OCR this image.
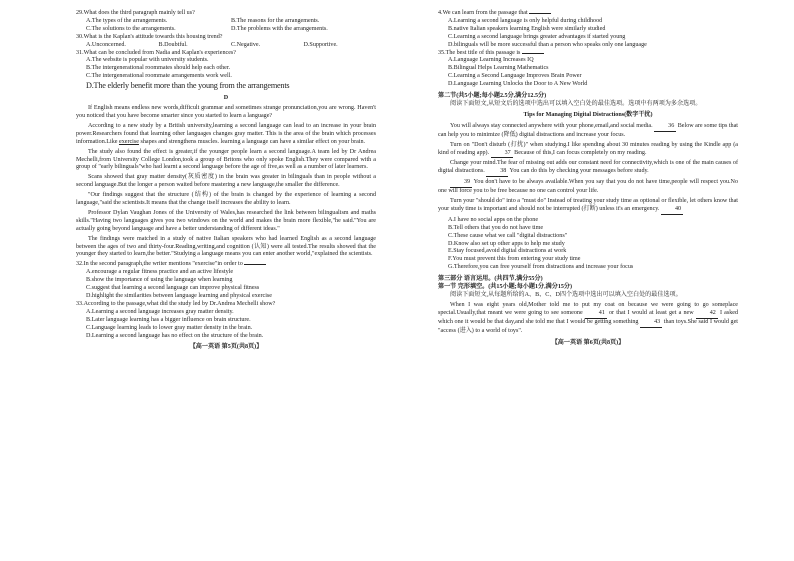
29.What does the third paragraph mainly tell us?

A.The types of the arrangements.	B.The reasons for the arrangements.
C.The solutions to the arrangements.	D.The problems with the arrangements.

30.What is the Kaplan's attitude towards this housing trend?

A.Unconcerned.	B.Doubtful.	C.Negative.	D.Supportive.

31.What can be concluded from Nadia and Kaplan's experiences?

A.The website is popular with university students.

B.The intergenerational roommates should help each other.

C.The intergenerational roommate arrangements work well.

D.The elderly benefit more than the young from the arrangements

D

If English means endless new words,difficult grammar and sometimes strange pronunciation,you are wrong. Haven't you noticed that you have become smarter since you started to learn a language?

According to a new study by a British university,learning a second language can lead to an increase in your brain power.Researchers found that learning other languages changes gray matter. This is the area of the brain which processes information.Like exercise shapes and strengthens muscles. learning a language can have a similar effect on your brain.

The study also found the effect is greater,if the younger people learn a second language.A team led by Dr Andrea Mechelli,from University College London,took a group of Britons who only spoke English.They were compared with a group of "early bilinguals"who had learnt a second language before the age of five,as well as a number of later learners.

Scans showed that gray matter density(灰质密度) in the brain was greater in bilinguals than in people without a second language.But the longer a person waited before mastering a new language,the smaller the difference.

"Our findings suggest that the structure (结构) of the brain is changed by the experience of learning a second language,"said the scientists.It means that the change itself increases the ability to learn.

Professor Dylan Vaughan Jones of the University of Wales,has researched the link between bilingualism and maths skills."Having two languages gives you two windows on the world and makes the brain more flexible,"he said."You are actually going beyond language and have a better understanding of different ideas."

The findings were matched in a study of native Italian speakers who had learned English as a second language between the ages of two and thirty-four.Reading,writing,and cognition (认知) were all tested.The results showed that the younger they started to learn,the better."Studying a language means you can enter another world,"explained the scientists.

32.In the second paragraph,the writer mentions "exercise"in order to

A.encourage a regular fitness practice and an active lifestyle

B.show the importance of using the language when learning

C.suggest that learning a second language can improve physical fitness

D.highlight the similarities between language learning and physical exercise

33.According to the passage,what did the study led by Dr.Andrea Mechelli show?

A.Learning a second language increases gray matter density.

B.Later language learning has a bigger influence on brain structure.

C.Language learning leads to lower gray matter density in the brain.

D.Learning a second language has no effect on the structure of the brain.

【高一英语 第5页(共8页)】

4.We can learn from the passage that

A.Learning a second language is only helpful during childhood

B.native Italian speakers learning English were similarly studied

C.Learning a second language brings greater advantages if started young

D.bilinguals will be more successful than a person who speaks only one language

35.The best title of this passage is

A.Language Learning Increases IQ

B.Bilingual Helps Learning Mathematics

C.Learning a Second Language Improves Brain Power

D.Language Learning Unlocks the Door to A New World

第二节(共5小题;每小题2.5分,满分12.5分)

阅读下面短文,从短文后的选项中选出可以填入空白处的最佳选项。选项中有两项为多余选项。

Tips for Managing Digital Distractions(数字干扰)

You will always stay connected anywhere with your phone,email,and social media. 36 Below are some tips that can help you to minimize (降低) digital distractions and increase your focus.

Turn on "Don't disturb (打扰)" when studying.I like spending about 30 minutes reading by using the Kindle app (a kind of reading app). 37 Because of this,I can focus completely on my reading.

Change your mind.The fear of missing out adds our constant need for connectivity,which is one of the main causes of digital distractions. 38 You can do this by checking your messages before study.

39 You don't have to be always available.When you say that you do not have time,people will respect you.No one will force you to be free because no one can control your life.

Turn your "should do" into a "must do" Instead of treating your study time as optional or flexible, let others know that your study time is important and should not be interrupted (打断) unless it's an emergency. 40

A.I have no social apps on the phone

B.Tell others that you do not have time

C.These cause what we call "digital distractions"

D.Know also set up other apps to help me study

E.Stay focused,avoid digital distractions at work

F.You must prevent this from entering your study time

G.Therefore,you can free yourself from distractions and increase your focus

第三部分 语言运用。(共四节,满分55分)

第一节 完形填空。(共15小题;每小题1分,满分15分)

阅读下面短文,从每题所给的A、B、C、D四个选项中选出可以填入空白处的最佳选项。

When I was eight years old,Mother told me to put my coat on because we were going to go someplace special.Usually,that meant we were going to see someone 41 or that I would at least get a new 42 I asked which one it would be that day,and she told me that I would be getting something 43 than toys.She said I would get "access (进入) to a world of toys".

【高一英语 第6页(共8页)】
